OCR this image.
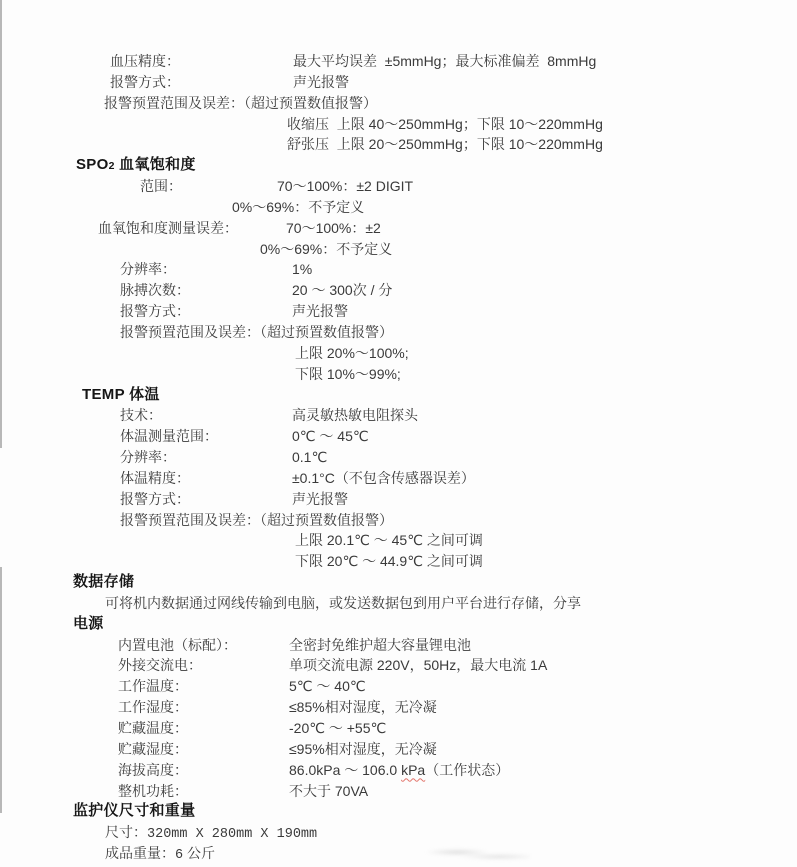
血压精度：	最大平均误差  ±5mmHg；最大标准偏差  8mmHg
报警方式：	声光报警
报警预置范围及误差：（超过预置数值报警）
收缩压  上限 40～250mmHg；下限 10～220mmHg
舒张压  上限 20～250mmHg；下限 10～220mmHg
SPO2 血氧饱和度
范围：	70～100%：±2 DIGIT
0%～69%：不予定义
血氧饱和度测量误差：	70～100%：±2
0%～69%：不予定义
分辨率：	1%
脉搏次数：	20 ～ 300次 / 分
报警方式：	声光报警
报警预置范围及误差：（超过预置数值报警）
上限 20%～100%;
下限 10%～99%;
TEMP 体温
技术：	高灵敏热敏电阻探头
体温测量范围：	0℃ ～ 45℃
分辨率：	0.1℃
体温精度：	±0.1°C（不包含传感器误差）
报警方式：	声光报警
报警预置范围及误差：（超过预置数值报警）
上限 20.1℃ ～ 45℃ 之间可调
下限 20℃ ～ 44.9℃ 之间可调
数据存储
可将机内数据通过网线传输到电脑，或发送数据包到用户平台进行存储，分享
电源
内置电池（标配）：	全密封免维护超大容量锂电池
外接交流电：	单项交流电源 220V，50Hz，最大电流 1A
工作温度：	5℃ ～ 40℃
工作湿度：	≤85%相对湿度，无冷凝
贮藏温度：	-20℃ ～ +55℃
贮藏湿度：	≤95%相对湿度，无冷凝
海拔高度：	86.0kPa ～ 106.0 kPa（工作状态）
整机功耗：	不大于 70VA
监护仪尺寸和重量
尺寸：320mm X 280mm X 190mm
成品重量：6 公斤
